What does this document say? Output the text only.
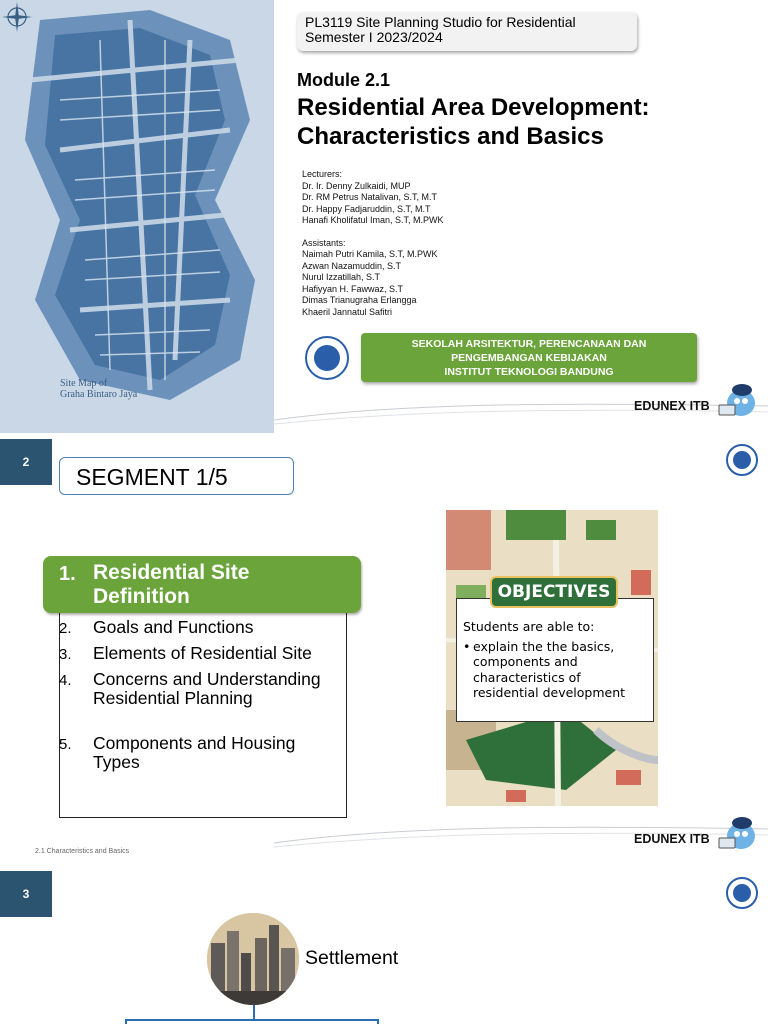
Site Map of
Graha Bintaro Jaya
PL3119 Site Planning Studio for Residential
Semester I 2023/2024
Module 2.1
Residential Area Development:
Characteristics and Basics
Lecturers:
Dr. Ir. Denny Zulkaidi, MUP
Dr. RM Petrus Natalivan, S.T, M.T
Dr. Happy Fadjaruddin, S.T, M.T
Hanafi Kholifatul Iman, S.T, M.PWK
Assistants:
Naimah Putri Kamila, S.T, M.PWK
Azwan Nazamuddin, S.T
Nurul Izzatillah, S.T
Hafiyyan H. Fawwaz, S.T
Dimas Trianugraha Erlangga
Khaeril Jannatul Safitri
SEKOLAH ARSITEKTUR, PERENCANAAN DAN
PENGEMBANGAN KEBIJAKAN
INSTITUT TEKNOLOGI BANDUNG
EDUNEX ITB
2
SEGMENT 1/5
1. Residential Site Definition
2. Goals and Functions
3. Elements of Residential Site
4. Concerns and Understanding Residential Planning
5. Components and Housing Types
Students are able to:
• explain the the basics, components and characteristics of residential development
OBJECTIVES
2.1 Characteristics and Basics
EDUNEX ITB
3
Settlement
